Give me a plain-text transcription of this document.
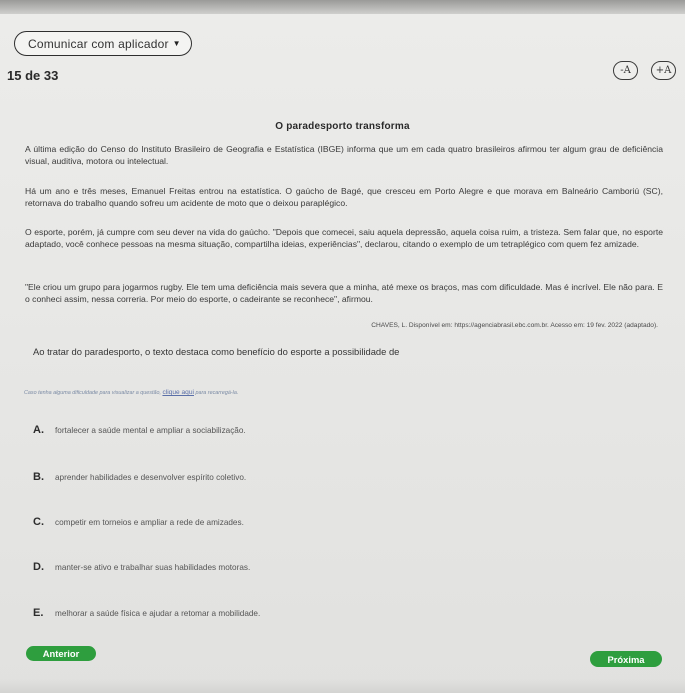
Comunicar com aplicador ▼
15 de 33	-A	+A
O paradesporto transforma

A última edição do Censo do Instituto Brasileiro de Geografia e Estatística (IBGE) informa que um em cada quatro brasileiros afirmou ter algum grau de deficiência visual, auditiva, motora ou intelectual.

Há um ano e três meses, Emanuel Freitas entrou na estatística. O gaúcho de Bagé, que cresceu em Porto Alegre e que morava em Balneário Camboriú (SC), retornava do trabalho quando sofreu um acidente de moto que o deixou paraplégico.

O esporte, porém, já cumpre com seu dever na vida do gaúcho. "Depois que comecei, saiu aquela depressão, aquela coisa ruim, a tristeza. Sem falar que, no esporte adaptado, você conhece pessoas na mesma situação, compartilha ideias, experiências", declarou, citando o exemplo de um tetraplégico com quem fez amizade.

"Ele criou um grupo para jogarmos rugby. Ele tem uma deficiência mais severa que a minha, até mexe os braços, mas com dificuldade. Mas é incrível. Ele não para. E o conheci assim, nessa correria. Por meio do esporte, o cadeirante se reconhece", afirmou.

CHAVES, L. Disponível em: https://agenciabrasil.ebc.com.br. Acesso em: 19 fev. 2022 (adaptado).
Ao tratar do paradesporto, o texto destaca como benefício do esporte a possibilidade de
Caso tenha alguma dificuldade para visualizar a questão, clique aqui para recarregá-la.
A.	fortalecer a saúde mental e ampliar a sociabilização.
B.	aprender habilidades e desenvolver espírito coletivo.
C.	competir em torneios e ampliar a rede de amizades.
D.	manter-se ativo e trabalhar suas habilidades motoras.
E.	melhorar a saúde física e ajudar a retomar a mobilidade.
Anterior	Próxima
